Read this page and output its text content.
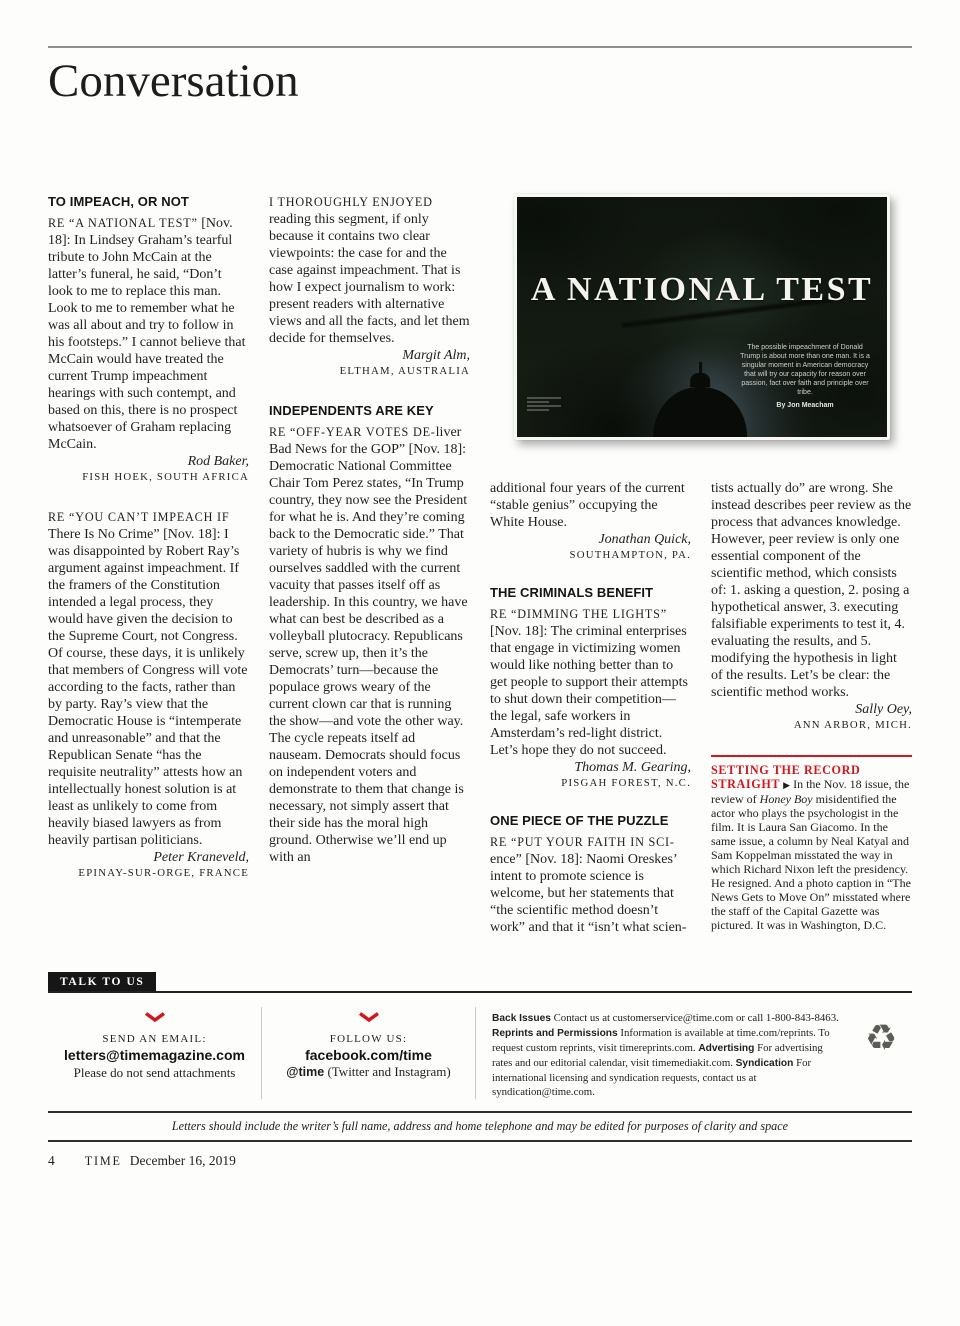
Conversation
TO IMPEACH, OR NOT

RE “A NATIONAL TEST” [Nov. 18]: In Lindsey Graham’s tearful tribute to John McCain at the latter’s funeral, he said, “Don’t look to me to replace this man. Look to me to remember what he was all about and try to follow in his footsteps.” I cannot believe that McCain would have treated the current Trump impeachment hearings with such contempt, and based on this, there is no prospect whatsoever of Graham replacing McCain.

Rod Baker,

FISH HOEK, SOUTH AFRICA

RE “YOU CAN’T IMPEACH IF There Is No Crime” [Nov. 18]: I was disappointed by Robert Ray’s argument against impeachment. If the framers of the Constitution intended a legal process, they would have given the decision to the Supreme Court, not Congress. Of course, these days, it is unlikely that members of Congress will vote according to the facts, rather than by party. Ray’s view that the Democratic House is “intemperate and unreasonable” and that the Republican Senate “has the requisite neutrality” attests how an intellectually honest solution is at least as unlikely to come from heavily biased lawyers as from heavily partisan politicians.

Peter Kraneveld,

EPINAY-SUR-ORGE, FRANCE

I THOROUGHLY ENJOYED reading this segment, if only because it contains two clear viewpoints: the case for and the case against impeachment. That is how I expect journalism to work: present readers with alternative views and all the facts, and let them decide for themselves.

Margit Alm,

ELTHAM, AUSTRALIA

INDEPENDENTS ARE KEY

RE “OFF-YEAR VOTES DE-liver Bad News for the GOP” [Nov. 18]: Democratic National Committee Chair Tom Perez states, “In Trump country, they now see the President for what he is. And they’re coming back to the Democratic side.” That variety of hubris is why we find ourselves saddled with the current vacuity that passes itself off as leadership. In this country, we have what can best be described as a volleyball plutocracy. Republicans serve, screw up, then it’s the Democrats’ turn—because the populace grows weary of the current clown car that is running the show—and vote the other way. The cycle repeats itself ad nauseam. Democrats should focus on independent voters and demonstrate to them that change is necessary, not simply assert that their side has the moral high ground. Otherwise we’ll end up with an

A NATIONAL TEST
The possible impeachment of Donald Trump is about more than one man. It is a singular moment in American democracy that will try our capacity for reason over passion, fact over faith and principle over tribe.
By Jon Meacham

additional four years of the current “stable genius” occupying the White House.

Jonathan Quick,

SOUTHAMPTON, PA.

THE CRIMINALS BENEFIT

RE “DIMMING THE LIGHTS” [Nov. 18]: The criminal enterprises that engage in victimizing women would like nothing better than to get people to support their attempts to shut down their competition—the legal, safe workers in Amsterdam’s red-light district. Let’s hope they do not succeed.

Thomas M. Gearing,

PISGAH FOREST, N.C.

ONE PIECE OF THE PUZZLE

RE “PUT YOUR FAITH IN SCI-ence” [Nov. 18]: Naomi Oreskes’ intent to promote science is welcome, but her statements that “the scientific method doesn’t work” and that it “isn’t what scien-

tists actually do” are wrong. She instead describes peer review as the process that advances knowledge. However, peer review is only one essential component of the scientific method, which consists of: 1. asking a question, 2. posing a hypothetical answer, 3. executing falsifiable experiments to test it, 4. evaluating the results, and 5. modifying the hypothesis in light of the results. Let’s be clear: the scientific method works.

Sally Oey,

ANN ARBOR, MICH.

SETTING THE RECORD STRAIGHT ▶ In the Nov. 18 issue, the review of Honey Boy misidentified the actor who plays the psychologist in the film. It is Laura San Giacomo. In the same issue, a column by Neal Katyal and Sam Koppelman misstated the way in which Richard Nixon left the presidency. He resigned. And a photo caption in “The News Gets to Move On” misstated where the staff of the Capital Gazette was pictured. It was in Washington, D.C.
TALK TO US
SEND AN EMAIL:
letters@timemagazine.com
Please do not send attachments
FOLLOW US:
facebook.com/time
@time (Twitter and Instagram)
Back Issues Contact us at customerservice@time.com or call 1-800-843-8463. Reprints and Permissions Information is available at time.com/reprints. To request custom reprints, visit timereprints.com. Advertising For advertising rates and our editorial calendar, visit timemediakit.com. Syndication For international licensing and syndication requests, contact us at syndication@time.com.
♻

Letters should include the writer’s full name, address and home telephone and may be edited for purposes of clarity and space

4 TIME December 16, 2019
